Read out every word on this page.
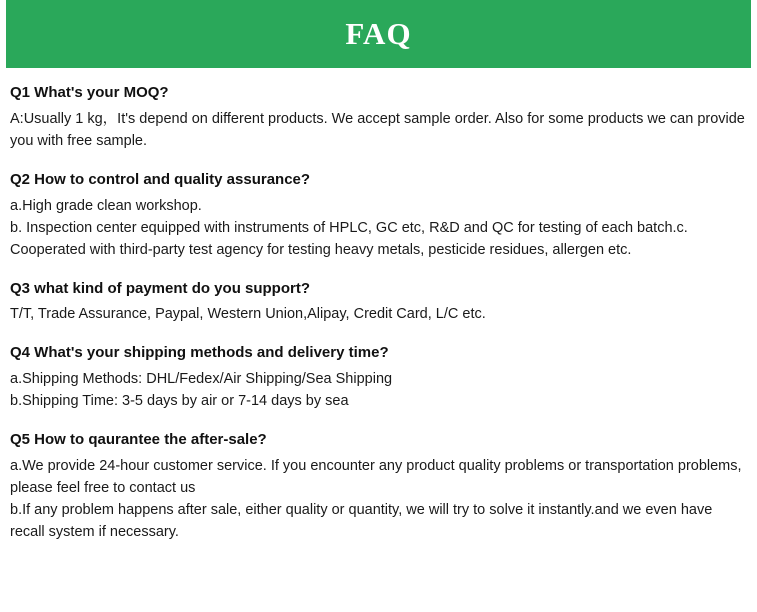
FAQ
Q1 What's your MOQ?
A:Usually 1 kg，It's depend on different products. We accept sample order. Also for some products we can provide you with free sample.
Q2 How to control and quality assurance?
a.High grade clean workshop.
b. Inspection center equipped with instruments of HPLC, GC etc, R&D and QC for testing of each batch.c. Cooperated with third-party test agency for testing heavy metals, pesticide residues, allergen etc.
Q3 what kind of payment do you support?
T/T, Trade Assurance, Paypal, Western Union,Alipay, Credit Card, L/C etc.
Q4 What's your shipping methods and delivery time?
a.Shipping Methods: DHL/Fedex/Air Shipping/Sea Shipping
b.Shipping Time: 3-5 days by air or 7-14 days by sea
Q5 How to qaurantee the after-sale?
a.We provide 24-hour customer service. If you encounter any product quality problems or transportation problems, please feel free to contact us
b.If any problem happens after sale, either quality or quantity, we will try to solve it instantly.and we even have recall system if necessary.
